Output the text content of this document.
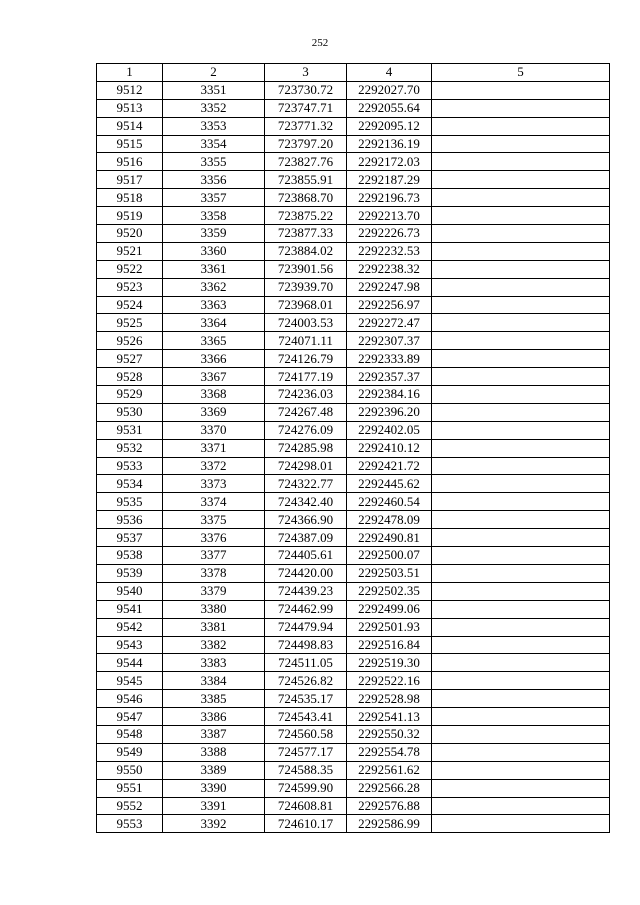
252
1	2	3	4	5
9512	3351	723730.72	2292027.70	
9513	3352	723747.71	2292055.64	
9514	3353	723771.32	2292095.12	
9515	3354	723797.20	2292136.19	
9516	3355	723827.76	2292172.03	
9517	3356	723855.91	2292187.29	
9518	3357	723868.70	2292196.73	
9519	3358	723875.22	2292213.70	
9520	3359	723877.33	2292226.73	
9521	3360	723884.02	2292232.53	
9522	3361	723901.56	2292238.32	
9523	3362	723939.70	2292247.98	
9524	3363	723968.01	2292256.97	
9525	3364	724003.53	2292272.47	
9526	3365	724071.11	2292307.37	
9527	3366	724126.79	2292333.89	
9528	3367	724177.19	2292357.37	
9529	3368	724236.03	2292384.16	
9530	3369	724267.48	2292396.20	
9531	3370	724276.09	2292402.05	
9532	3371	724285.98	2292410.12	
9533	3372	724298.01	2292421.72	
9534	3373	724322.77	2292445.62	
9535	3374	724342.40	2292460.54	
9536	3375	724366.90	2292478.09	
9537	3376	724387.09	2292490.81	
9538	3377	724405.61	2292500.07	
9539	3378	724420.00	2292503.51	
9540	3379	724439.23	2292502.35	
9541	3380	724462.99	2292499.06	
9542	3381	724479.94	2292501.93	
9543	3382	724498.83	2292516.84	
9544	3383	724511.05	2292519.30	
9545	3384	724526.82	2292522.16	
9546	3385	724535.17	2292528.98	
9547	3386	724543.41	2292541.13	
9548	3387	724560.58	2292550.32	
9549	3388	724577.17	2292554.78	
9550	3389	724588.35	2292561.62	
9551	3390	724599.90	2292566.28	
9552	3391	724608.81	2292576.88	
9553	3392	724610.17	2292586.99	
